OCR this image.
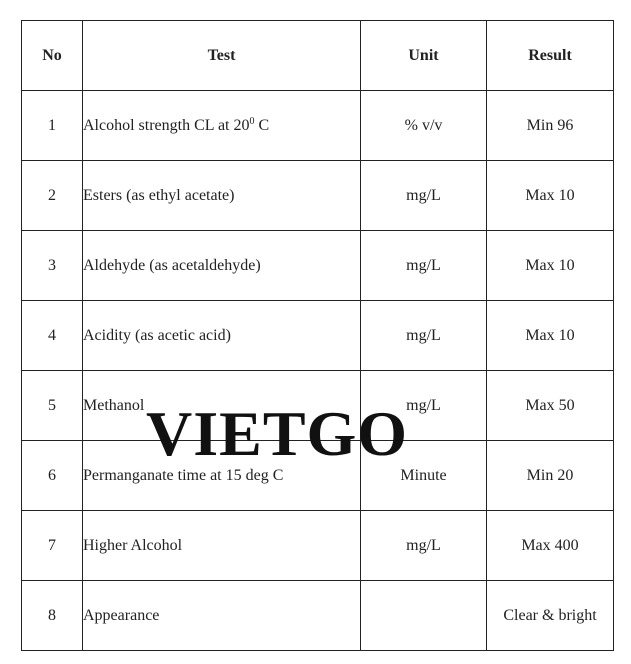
No	Test	Unit	Result
1	Alcohol strength CL at $20^0$ C	% v/v	Min 96
2	Esters (as ethyl acetate)	mg/L	Max 10
3	Aldehyde (as acetaldehyde)	mg/L	Max 10
4	Acidity (as acetic acid)	mg/L	Max 10
5	Methanol	mg/L	Max 50
6	Permanganate time at 15 deg C	Minute	Min 20
7	Higher Alcohol	mg/L	Max 400
8	Appearance		Clear & bright
VIETGO
